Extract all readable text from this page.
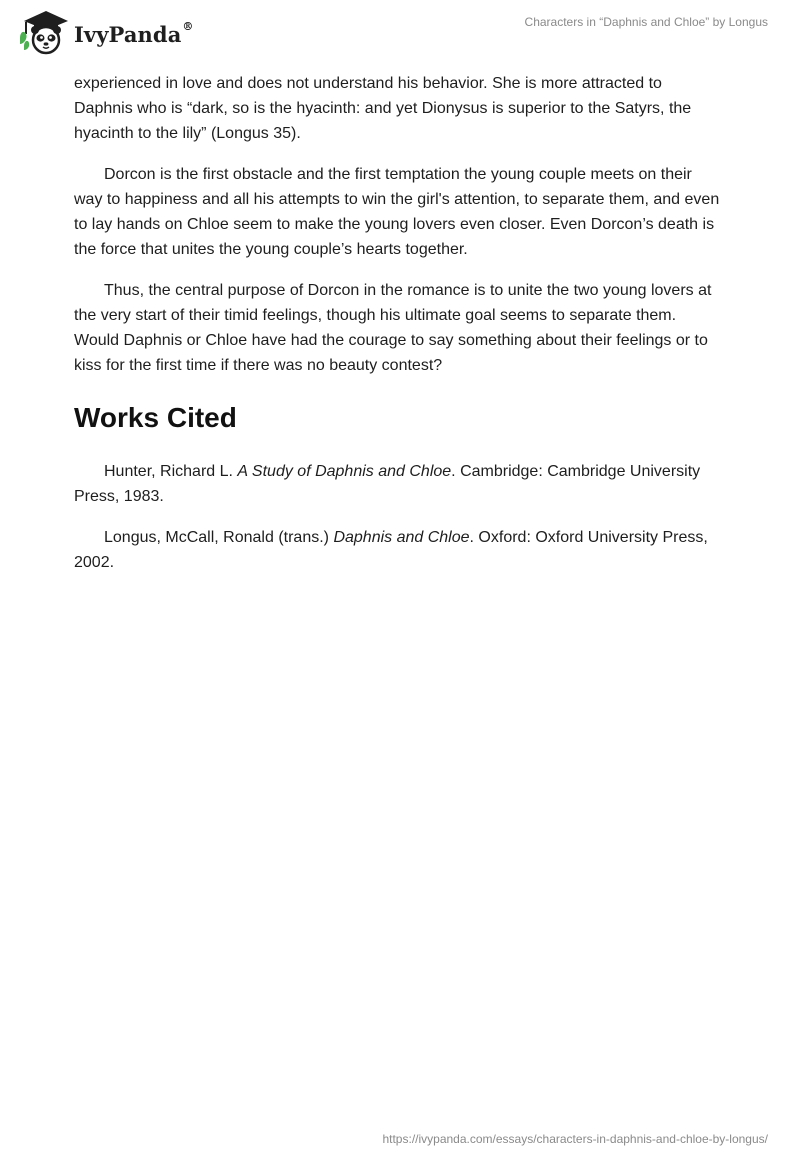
IvyPanda®	Characters in “Daphnis and Chloe” by Longus

experienced in love and does not understand his behavior. She is more attracted to Daphnis who is “dark, so is the hyacinth: and yet Dionysus is superior to the Satyrs, the hyacinth to the lily” (Longus 35).

Dorcon is the first obstacle and the first temptation the young couple meets on their way to happiness and all his attempts to win the girl's attention, to separate them, and even to lay hands on Chloe seem to make the young lovers even closer. Even Dorcon’s death is the force that unites the young couple’s hearts together.

Thus, the central purpose of Dorcon in the romance is to unite the two young lovers at the very start of their timid feelings, though his ultimate goal seems to separate them. Would Daphnis or Chloe have had the courage to say something about their feelings or to kiss for the first time if there was no beauty contest?

Works Cited

Hunter, Richard L. A Study of Daphnis and Chloe. Cambridge: Cambridge University Press, 1983.

Longus, McCall, Ronald (trans.) Daphnis and Chloe. Oxford: Oxford University Press, 2002.

https://ivypanda.com/essays/characters-in-daphnis-and-chloe-by-longus/
